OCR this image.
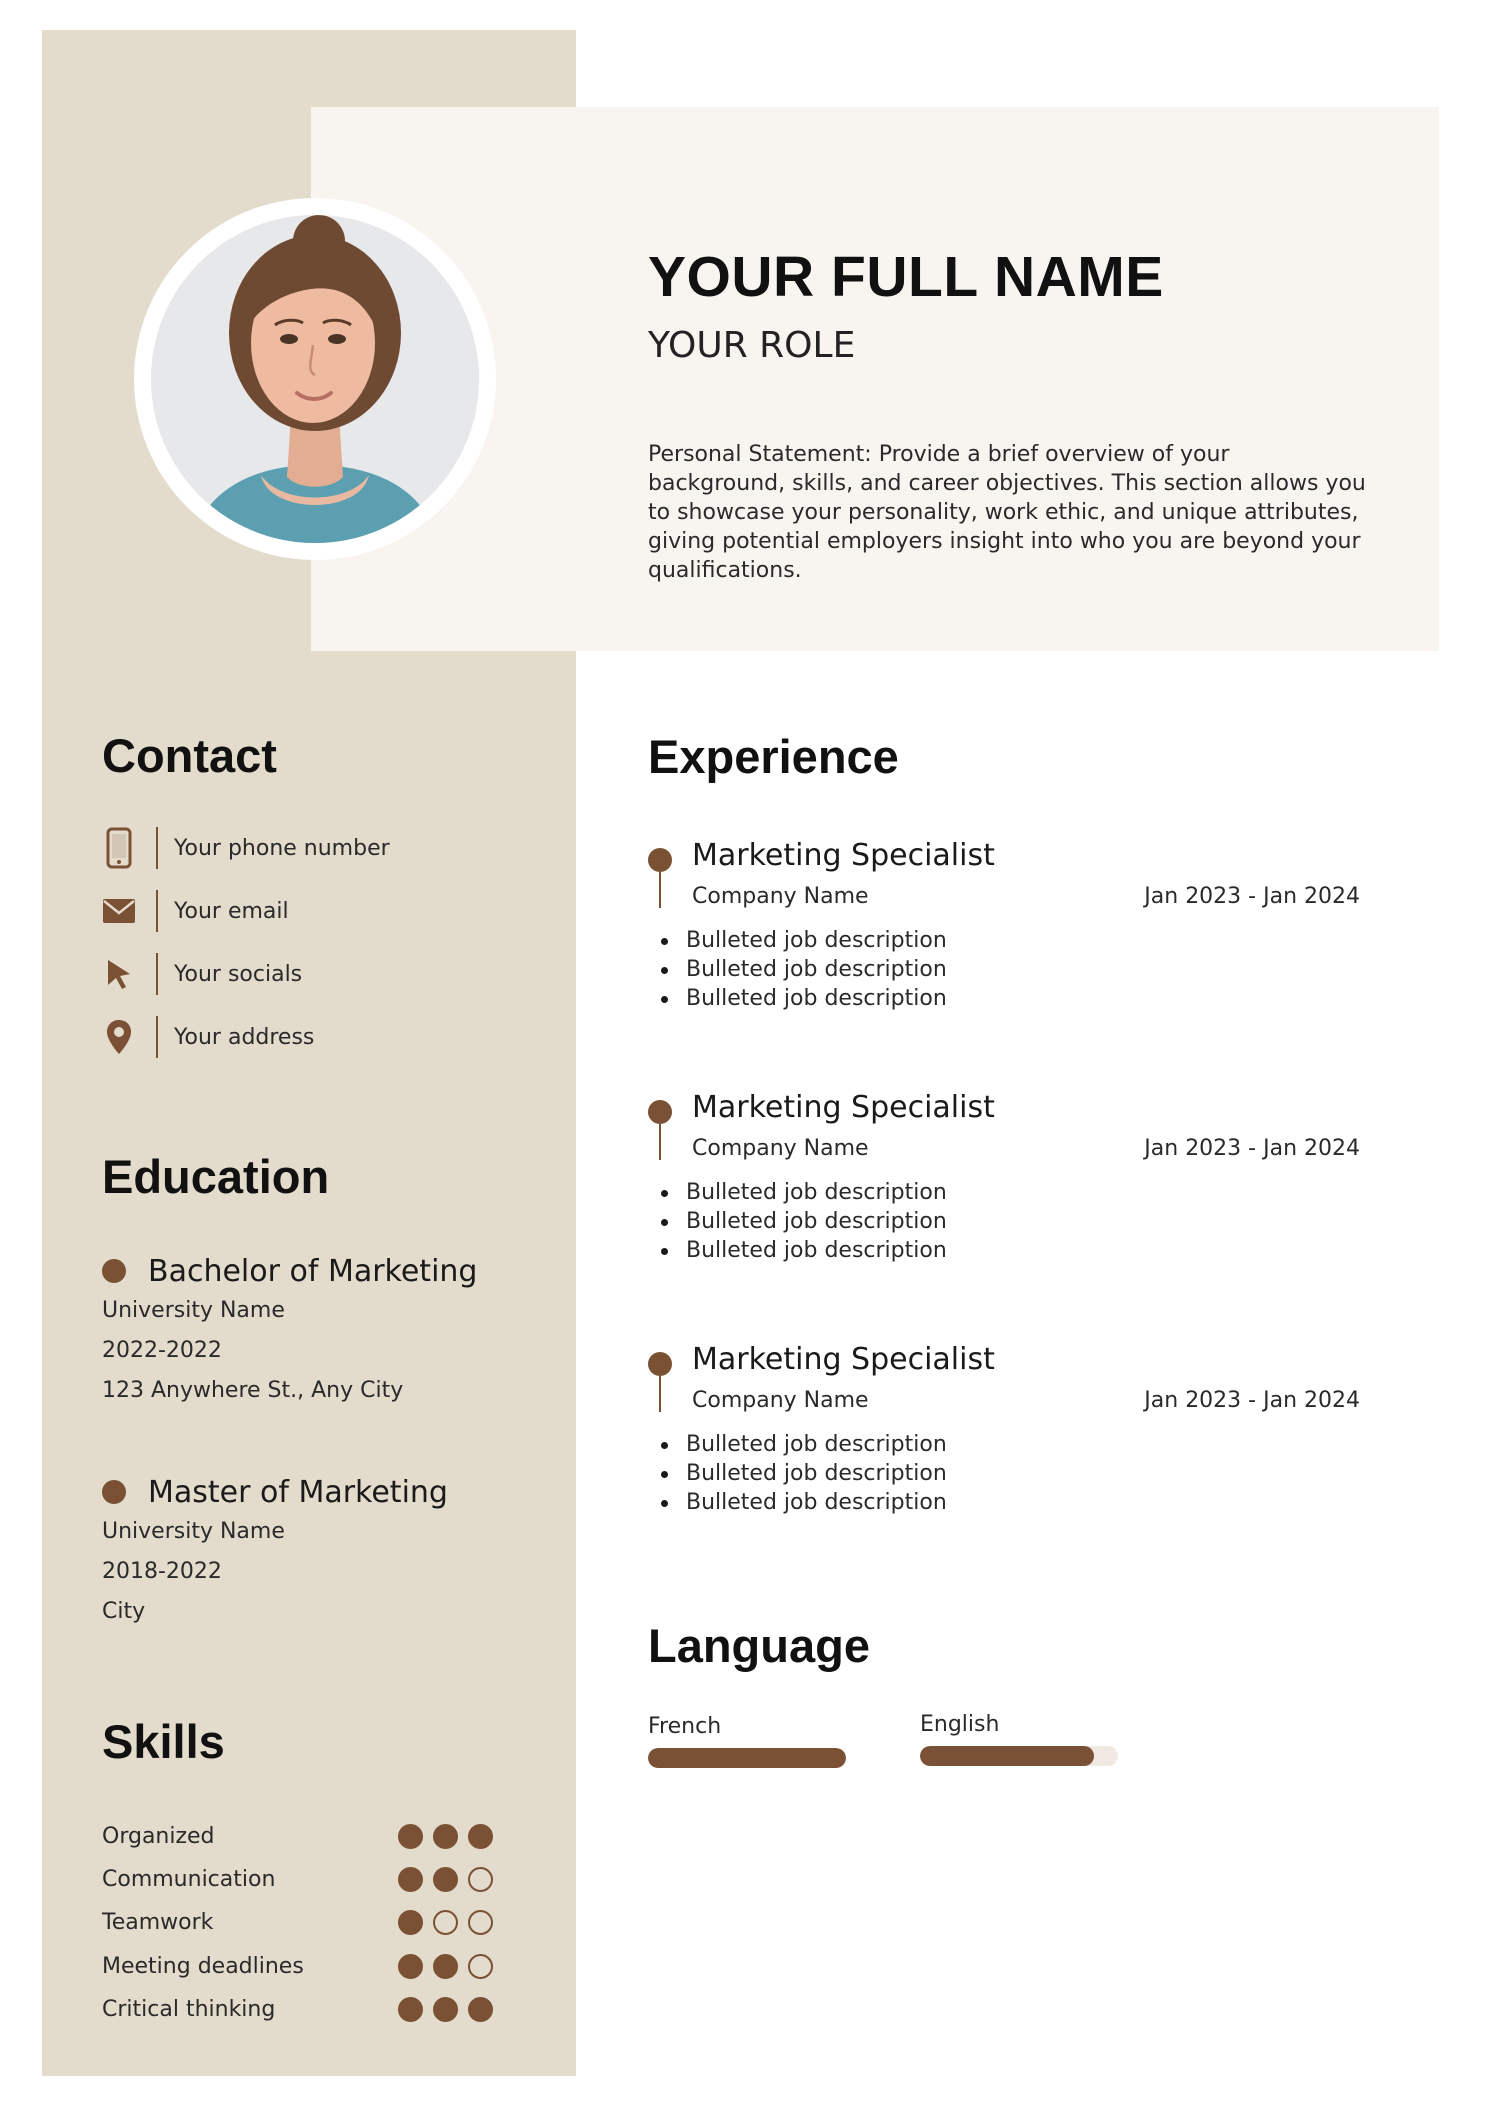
YOUR FULL NAME
YOUR ROLE

Personal Statement: Provide a brief overview of your background, skills, and career objectives. This section allows you to showcase your personality, work ethic, and unique attributes, giving potential employers insight into who you are beyond your qualifications.

Contact
Your phone number
Your email
Your socials
Your address
Education
Bachelor of Marketing
University Name
2022-2022
123 Anywhere St., Any City
Master of Marketing
University Name
2018-2022
City
Skills
Organized
Communication
Teamwork
Meeting deadlines
Critical thinking
Experience
Marketing Specialist
Company Name	Jan 2023 - Jan 2024
Bulleted job description
Bulleted job description
Bulleted job description
Marketing Specialist
Company Name	Jan 2023 - Jan 2024
Bulleted job description
Bulleted job description
Bulleted job description
Marketing Specialist
Company Name	Jan 2023 - Jan 2024
Bulleted job description
Bulleted job description
Bulleted job description
Language
French	English
